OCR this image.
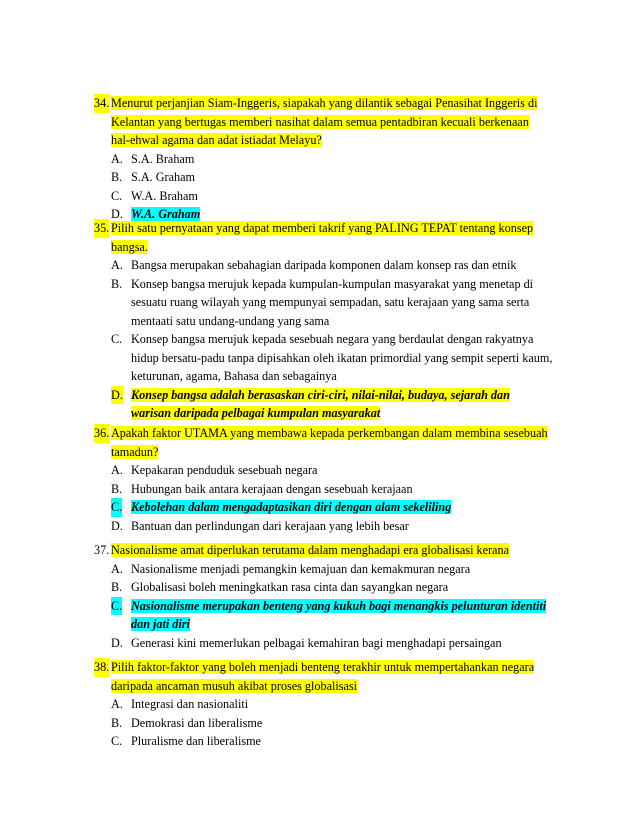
34. Menurut perjanjian Siam-Inggeris, siapakah yang dilantik sebagai Penasihat Inggeris di
Kelantan yang bertugas memberi nasihat dalam semua pentadbiran kecuali berkenaan
hal-ehwal agama dan adat istiadat Melayu?
A. S.A. Braham
B. S.A. Graham
C. W.A. Braham
D. W.A. Graham
35. Pilih satu pernyataan yang dapat memberi takrif yang PALING TEPAT tentang konsep
bangsa.
A. Bangsa merupakan sebahagian daripada komponen dalam konsep ras dan etnik
B. Konsep bangsa merujuk kepada kumpulan-kumpulan masyarakat yang menetap di
sesuatu ruang wilayah yang mempunyai sempadan, satu kerajaan yang sama serta
mentaati satu undang-undang yang sama
C. Konsep bangsa merujuk kepada sesebuah negara yang berdaulat dengan rakyatnya
hidup bersatu-padu tanpa dipisahkan oleh ikatan primordial yang sempit seperti kaum,
keturunan, agama, Bahasa dan sebagainya
D. Konsep bangsa adalah berasaskan ciri-ciri, nilai-nilai, budaya, sejarah dan
warisan daripada pelbagai kumpulan masyarakat
36. Apakah faktor UTAMA yang membawa kepada perkembangan dalam membina sesebuah
tamadun?
A. Kepakaran penduduk sesebuah negara
B. Hubungan baik antara kerajaan dengan sesebuah kerajaan
C. Kebolehan dalam mengadaptasikan diri dengan alam sekeliling
D. Bantuan dan perlindungan dari kerajaan yang lebih besar
37. Nasionalisme amat diperlukan terutama dalam menghadapi era globalisasi kerana
A. Nasionalisme menjadi pemangkin kemajuan dan kemakmuran negara
B. Globalisasi boleh meningkatkan rasa cinta dan sayangkan negara
C. Nasionalisme merupakan benteng yang kukuh bagi menangkis pelunturan identiti
dan jati diri
D. Generasi kini memerlukan pelbagai kemahiran bagi menghadapi persaingan
38. Pilih faktor-faktor yang boleh menjadi benteng terakhir untuk mempertahankan negara
daripada ancaman musuh akibat proses globalisasi
A. Integrasi dan nasionaliti
B. Demokrasi dan liberalisme
C. Pluralisme dan liberalisme
